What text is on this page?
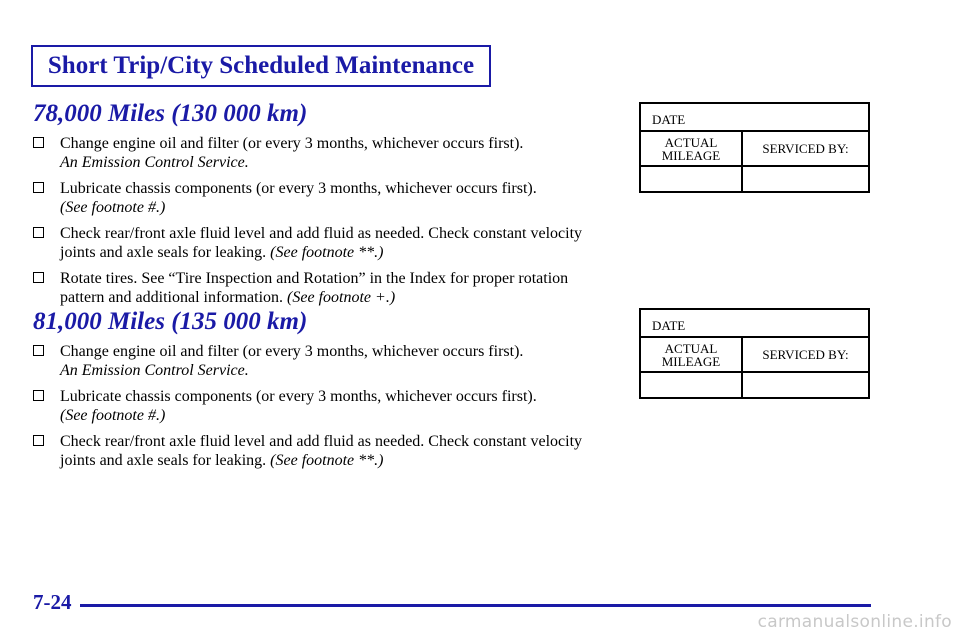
Short Trip/City Scheduled Maintenance
78,000 Miles (130 000 km)
Change engine oil and filter (or every 3 months, whichever occurs first).
An Emission Control Service.
Lubricate chassis components (or every 3 months, whichever occurs first).
(See footnote #.)
Check rear/front axle fluid level and add fluid as needed. Check constant velocity joints and axle seals for leaking. (See footnote **.)
Rotate tires. See “Tire Inspection and Rotation” in the Index for proper rotation pattern and additional information. (See footnote +.)
DATE
ACTUAL MILEAGE	SERVICED BY:
81,000 Miles (135 000 km)
Change engine oil and filter (or every 3 months, whichever occurs first).
An Emission Control Service.
Lubricate chassis components (or every 3 months, whichever occurs first).
(See footnote #.)
Check rear/front axle fluid level and add fluid as needed. Check constant velocity joints and axle seals for leaking. (See footnote **.)
DATE
ACTUAL MILEAGE	SERVICED BY:
7-24
carmanualsonline.info
